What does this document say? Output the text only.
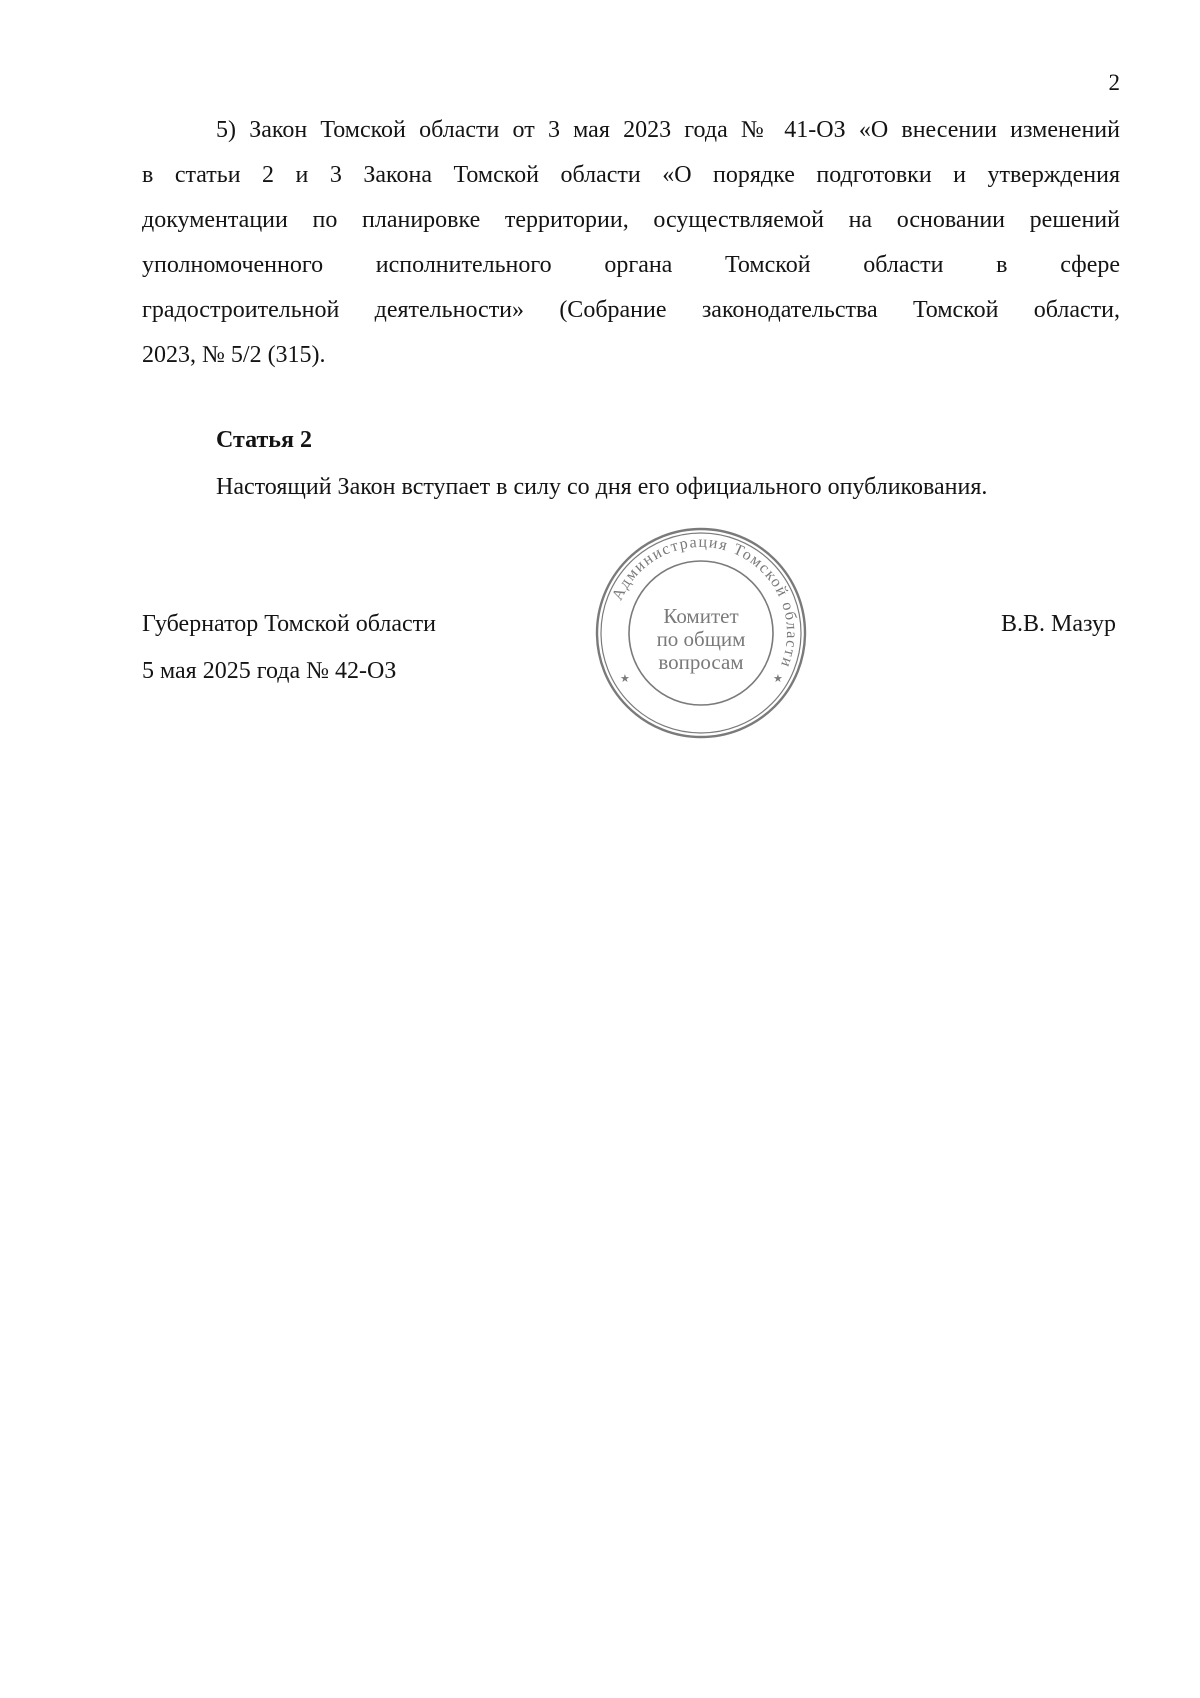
2
5) Закон Томской области от 3 мая 2023 года № 41-ОЗ «О внесении изменений
в статьи 2 и 3 Закона Томской области «О порядке подготовки и утверждения
документации по планировке территории, осуществляемой на основании решений
уполномоченного исполнительного органа Томской области в сфере
градостроительной деятельности» (Собрание законодательства Томской области,
2023, № 5/2 (315).
Статья 2
Настоящий Закон вступает в силу со дня его официального опубликования.
Губернатор Томской области
5 мая 2025 года № 42-ОЗ
В.В. Мазур
Администрация Томской области
Комитет
по общим
вопросам
★	★
